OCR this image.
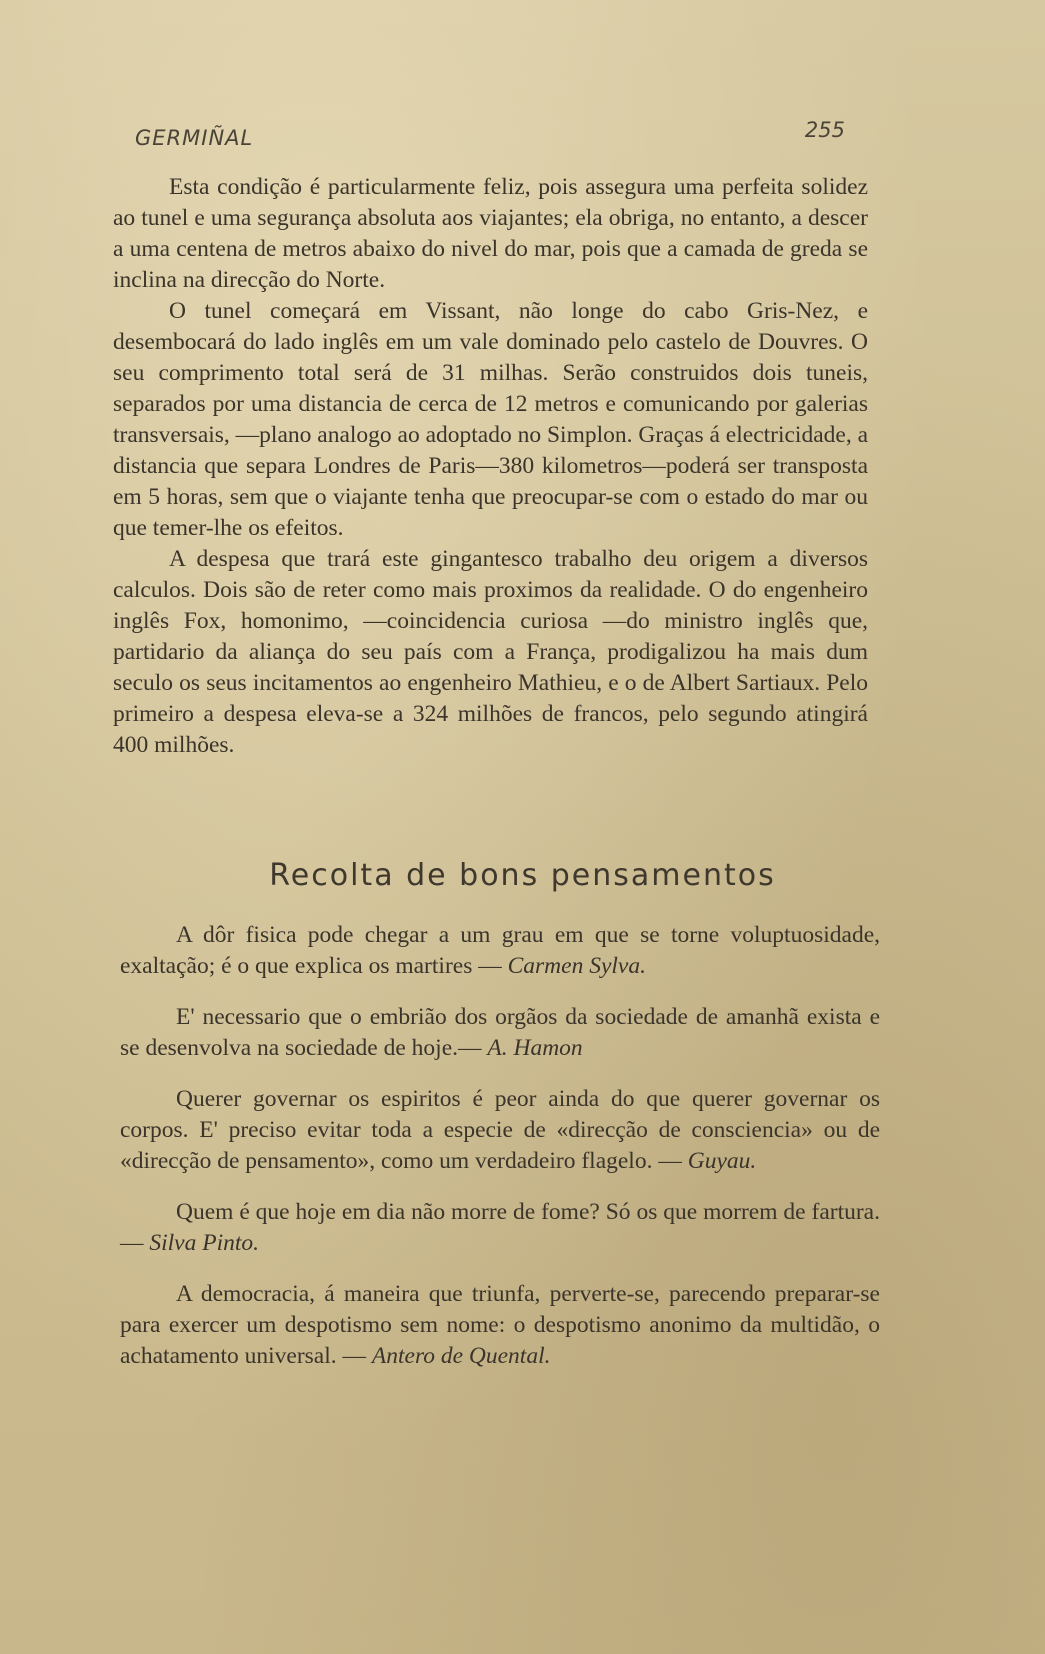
GERMIÑAL	255

Esta condição é particularmente feliz, pois assegura uma perfeita solidez ao tunel e uma segurança absoluta aos viajantes; ela obriga, no entanto, a descer a uma centena de metros abaixo do nivel do mar, pois que a camada de greda se inclina na direcção do Norte.

O tunel começará em Vissant, não longe do cabo Gris-Nez, e desembocará do lado inglês em um vale dominado pelo castelo de Douvres. O seu comprimento total será de 31 milhas. Serão construidos dois tuneis, separados por uma distancia de cerca de 12 metros e comunicando por galerias transversais, —plano analogo ao adoptado no Simplon. Graças á electricidade, a distancia que separa Londres de Paris—380 kilometros—poderá ser transposta em 5 horas, sem que o viajante tenha que preocupar-se com o estado do mar ou que temer-lhe os efeitos.

A despesa que trará este gingantesco trabalho deu origem a diversos calculos. Dois são de reter como mais proximos da realidade. O do engenheiro inglês Fox, homonimo, —coincidencia curiosa —do ministro inglês que, partidario da aliança do seu país com a França, prodigalizou ha mais dum seculo os seus incitamentos ao engenheiro Mathieu, e o de Albert Sartiaux. Pelo primeiro a despesa eleva-se a 324 milhões de francos, pelo segundo atingirá 400 milhões.

Recolta de bons pensamentos

A dôr fisica pode chegar a um grau em que se torne voluptuosidade, exaltação; é o que explica os martires — Carmen Sylva.

E' necessario que o embrião dos orgãos da sociedade de amanhã exista e se desenvolva na sociedade de hoje.— A. Hamon

Querer governar os espiritos é peor ainda do que querer governar os corpos. E' preciso evitar toda a especie de «direcção de consciencia» ou de «direcção de pensamento», como um verdadeiro flagelo. — Guyau.

Quem é que hoje em dia não morre de fome? Só os que morrem de fartura. — Silva Pinto.

A democracia, á maneira que triunfa, perverte-se, parecendo preparar-se para exercer um despotismo sem nome: o despotismo anonimo da multidão, o achatamento universal. — Antero de Quental.
